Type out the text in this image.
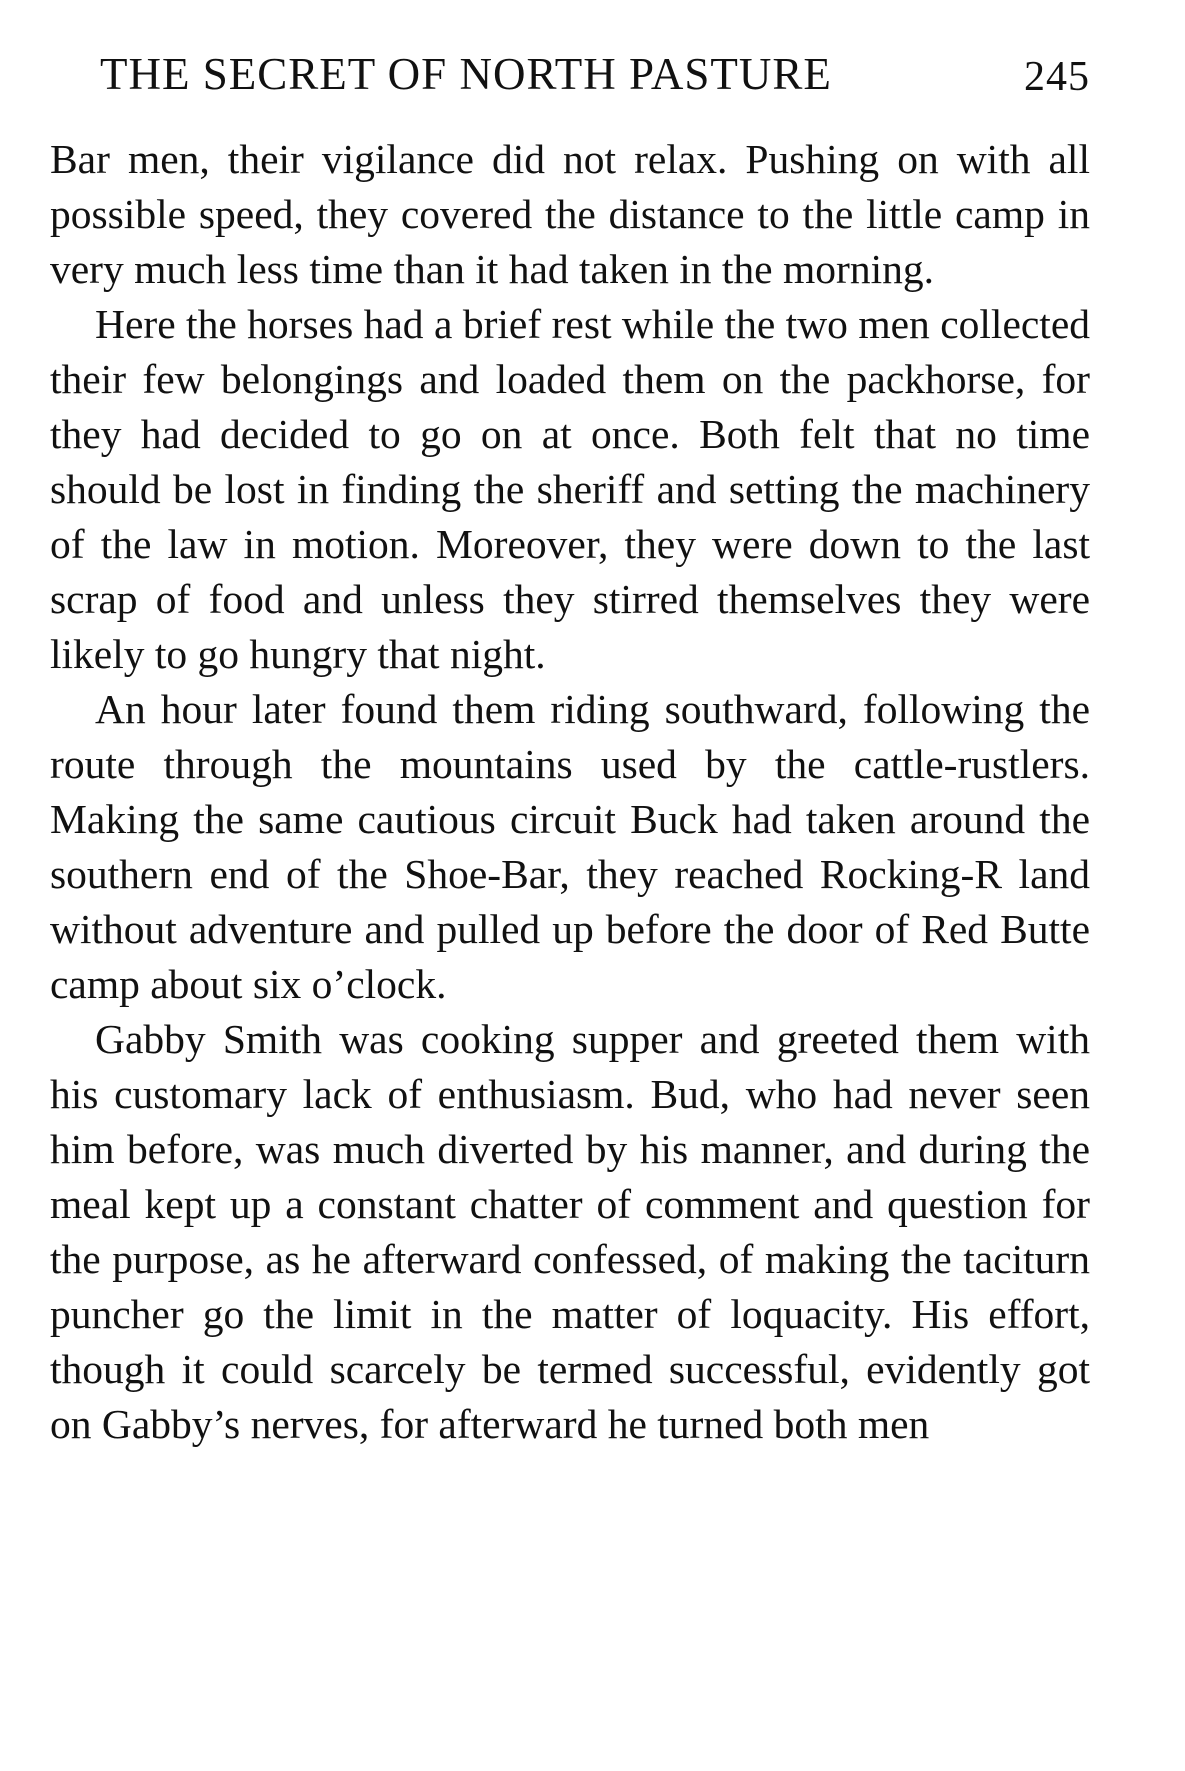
THE SECRET OF NORTH PASTURE	245

Bar men, their vigilance did not relax. Pushing on with all possible speed, they covered the distance to the little camp in very much less time than it had taken in the morning.

Here the horses had a brief rest while the two men collected their few belongings and loaded them on the packhorse, for they had decided to go on at once. Both felt that no time should be lost in finding the sheriff and setting the machinery of the law in motion. Moreover, they were down to the last scrap of food and unless they stirred themselves they were likely to go hungry that night.

An hour later found them riding southward, following the route through the mountains used by the cattle-rustlers. Making the same cautious circuit Buck had taken around the southern end of the Shoe-Bar, they reached Rocking-R land without adventure and pulled up before the door of Red Butte camp about six o’clock.

Gabby Smith was cooking supper and greeted them with his customary lack of enthusiasm. Bud, who had never seen him before, was much diverted by his manner, and during the meal kept up a constant chatter of comment and question for the purpose, as he afterward confessed, of making the taciturn puncher go the limit in the matter of loquacity. His effort, though it could scarcely be termed successful, evidently got on Gabby’s nerves, for afterward he turned both men
